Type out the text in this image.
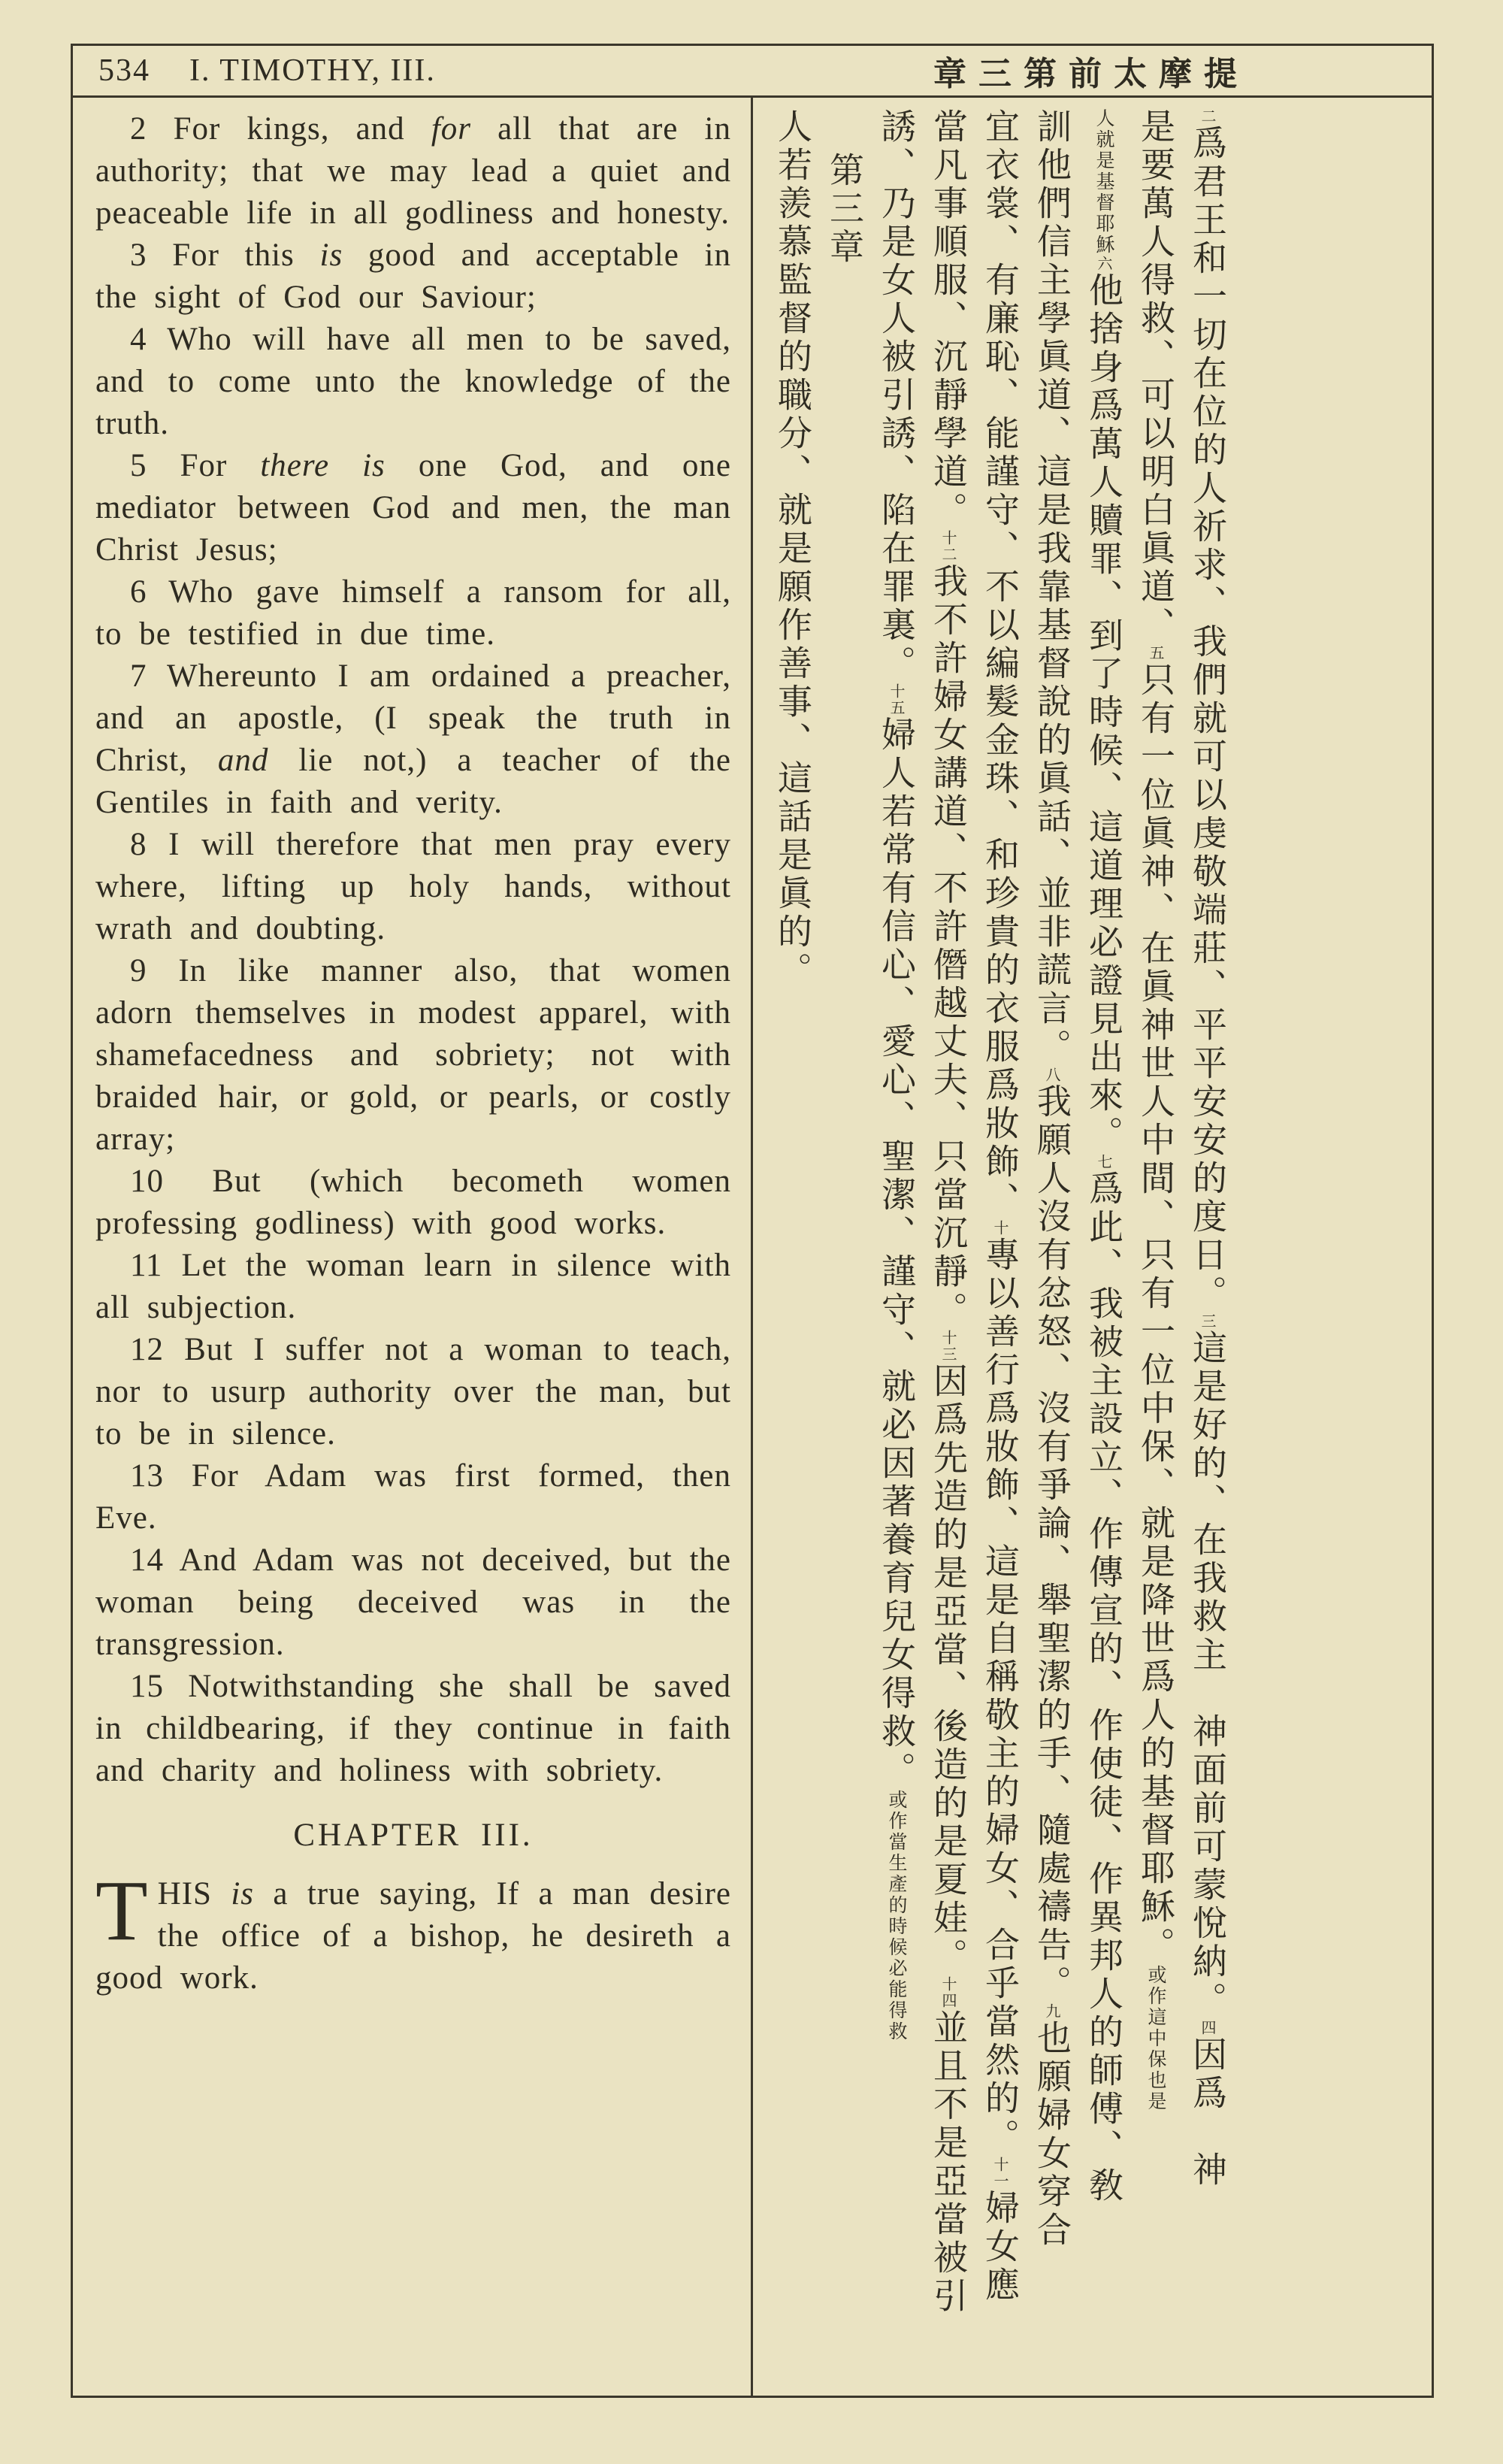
534 I. TIMOTHY, III.	章三第前太摩提

2 For kings, and for all that are in authority; that we may lead a quiet and peaceable life in all godliness and honesty.

3 For this is good and acceptable in the sight of God our Saviour;

4 Who will have all men to be saved, and to come unto the knowledge of the truth.

5 For there is one God, and one mediator between God and men, the man Christ Jesus;

6 Who gave himself a ransom for all, to be testified in due time.

7 Whereunto I am ordained a preacher, and an apostle, (I speak the truth in Christ, and lie not,) a teacher of the Gentiles in faith and verity.

8 I will therefore that men pray every where, lifting up holy hands, without wrath and doubting.

9 In like manner also, that women adorn themselves in modest apparel, with shamefacedness and sobriety; not with braided hair, or gold, or pearls, or costly array;

10 But (which becometh women professing godliness) with good works.

11 Let the woman learn in silence with all subjection.

12 But I suffer not a woman to teach, nor to usurp authority over the man, but to be in silence.

13 For Adam was first formed, then Eve.

14 And Adam was not deceived, but the woman being deceived was in the transgression.

15 Notwithstanding she shall be saved in childbearing, if they continue in faith and charity and holiness with sobriety.

CHAPTER III.

THIS is a true saying, If a man desire the office of a bishop, he desireth a good work.

二爲君王和一切在位的人祈求、我們就可以虔敬端莊、平平安安的度日。三這是好的、在我救主　神面前可蒙悅納。四因爲　神
是要萬人得救、可以明白眞道、五只有一位眞神、在眞神世人中間、只有一位中保、就是降世爲人的基督耶穌。或作這中保也是
人就是基督耶穌六他捨身爲萬人贖罪、到了時候、這道理必證見出來。七爲此、我被主設立、作傳宣的、作使徒、作異邦人的師傅、敎
訓他們信主學眞道、這是我靠基督說的眞話、並非謊言。八我願人沒有忿怒、沒有爭論、舉聖潔的手、隨處禱告。九也願婦女穿合
宜衣裳、有廉恥、能謹守、不以編髮金珠、和珍貴的衣服爲妝飾、十專以善行爲妝飾、這是自稱敬主的婦女、合乎當然的。十一婦女應
當凡事順服、沉靜學道。十二我不許婦女講道、不許僭越丈夫、只當沉靜。十三因爲先造的是亞當、後造的是夏娃。十四並且不是亞當被引
誘、乃是女人被引誘、陷在罪裏。十五婦人若常有信心、愛心、聖潔、謹守、就必因著養育兒女得救。或作當生產的時候必能得救
第三章
人若羨慕監督的職分、就是願作善事、這話是眞的。
